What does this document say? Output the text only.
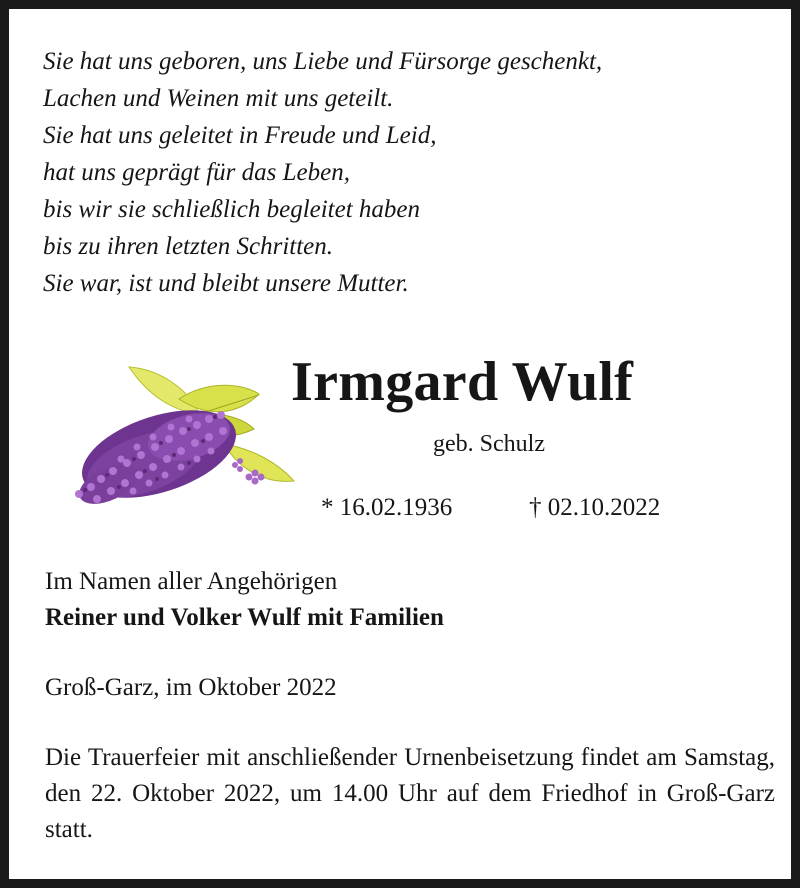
Sie hat uns geboren, uns Liebe und Fürsorge geschenkt,
Lachen und Weinen mit uns geteilt.
Sie hat uns geleitet in Freude und Leid,
hat uns geprägt für das Leben,
bis wir sie schließlich begleitet haben
bis zu ihren letzten Schritten.
Sie war, ist und bleibt unsere Mutter.
Irmgard Wulf
geb. Schulz
* 16.02.1936	† 02.10.2022
Im Namen aller Angehörigen
Reiner und Volker Wulf mit Familien
Groß-Garz, im Oktober 2022
Die Trauerfeier mit anschließender Urnenbeisetzung findet am Samstag, den 22. Oktober 2022, um 14.00 Uhr auf dem Friedhof in Groß-Garz statt.
